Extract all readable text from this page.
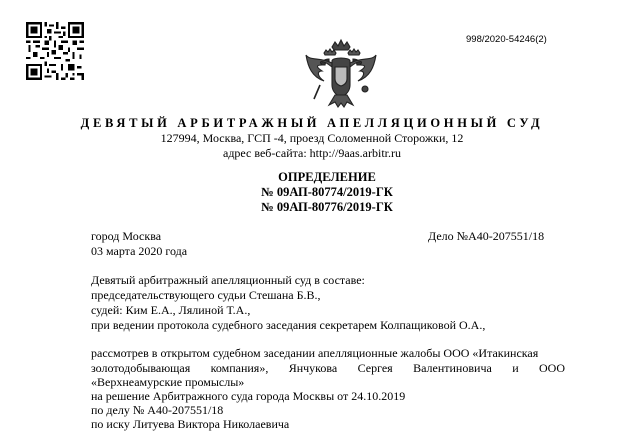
998/2020-54246(2)
ДЕВЯТЫЙ АРБИТРАЖНЫЙ АПЕЛЛЯЦИОННЫЙ СУД
127994, Москва, ГСП -4, проезд Соломенной Сторожки, 12
адрес веб-сайта: http://9aas.arbitr.ru
ОПРЕДЕЛЕНИЕ
№ 09АП-80774/2019-ГК
№ 09АП-80776/2019-ГК
город Москва	Дело №А40-207551/18
03 марта 2020 года
Девятый арбитражный апелляционный суд в составе:
председательствующего судьи Стешана Б.В.,
судей: Ким Е.А., Лялиной Т.А.,
при ведении протокола судебного заседания секретарем Колпащиковой О.А.,
рассмотрев в открытом судебном заседании апелляционные жалобы ООО «Итакинская
золотодобывающая компания», Янчукова Сергея Валентиновича и ООО
«Верхнеамурские промыслы»
на решение Арбитражного суда города Москвы от 24.10.2019
по делу № А40-207551/18
по иску Литуева Виктора Николаевича
